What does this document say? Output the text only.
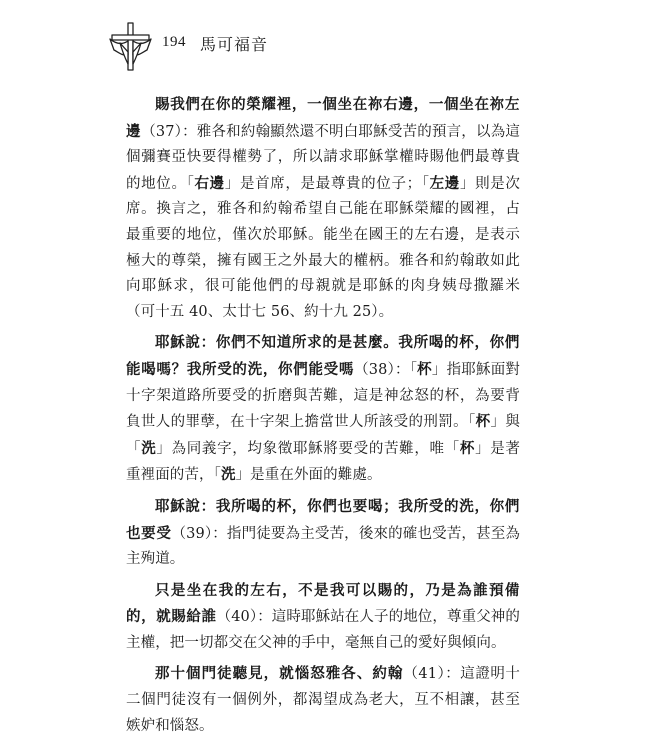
194 馬可福音

賜我們在你的榮耀裡，一個坐在祢右邊，一個坐在祢左邊（37）：雅各和約翰顯然還不明白耶穌受苦的預言，以為這個彌賽亞快要得權勢了，所以請求耶穌掌權時賜他們最尊貴的地位。「右邊」是首席，是最尊貴的位子；「左邊」則是次席。換言之，雅各和約翰希望自己能在耶穌榮耀的國裡，占最重要的地位，僅次於耶穌。能坐在國王的左右邊，是表示極大的尊榮，擁有國王之外最大的權柄。雅各和約翰敢如此向耶穌求，很可能他們的母親就是耶穌的肉身姨母撒羅米（可十五 40、太廿七 56、約十九 25）。

耶穌說：你們不知道所求的是甚麼。我所喝的杯，你們能喝嗎？我所受的洗，你們能受嗎（38）：「杯」指耶穌面對十字架道路所要受的折磨與苦難，這是神忿怒的杯，為要背負世人的罪孽，在十字架上擔當世人所該受的刑罰。「杯」與「洗」為同義字，均象徵耶穌將要受的苦難，唯「杯」是著重裡面的苦，「洗」是重在外面的難處。

耶穌說：我所喝的杯，你們也要喝；我所受的洗，你們也要受（39）：指門徒要為主受苦，後來的確也受苦，甚至為主殉道。

只是坐在我的左右，不是我可以賜的，乃是為誰預備的，就賜給誰（40）：這時耶穌站在人子的地位，尊重父神的主權，把一切都交在父神的手中，毫無自己的愛好與傾向。

那十個門徒聽見，就惱怒雅各、約翰（41）：這證明十二個門徒沒有一個例外，都渴望成為老大，互不相讓，甚至嫉妒和惱怒。
